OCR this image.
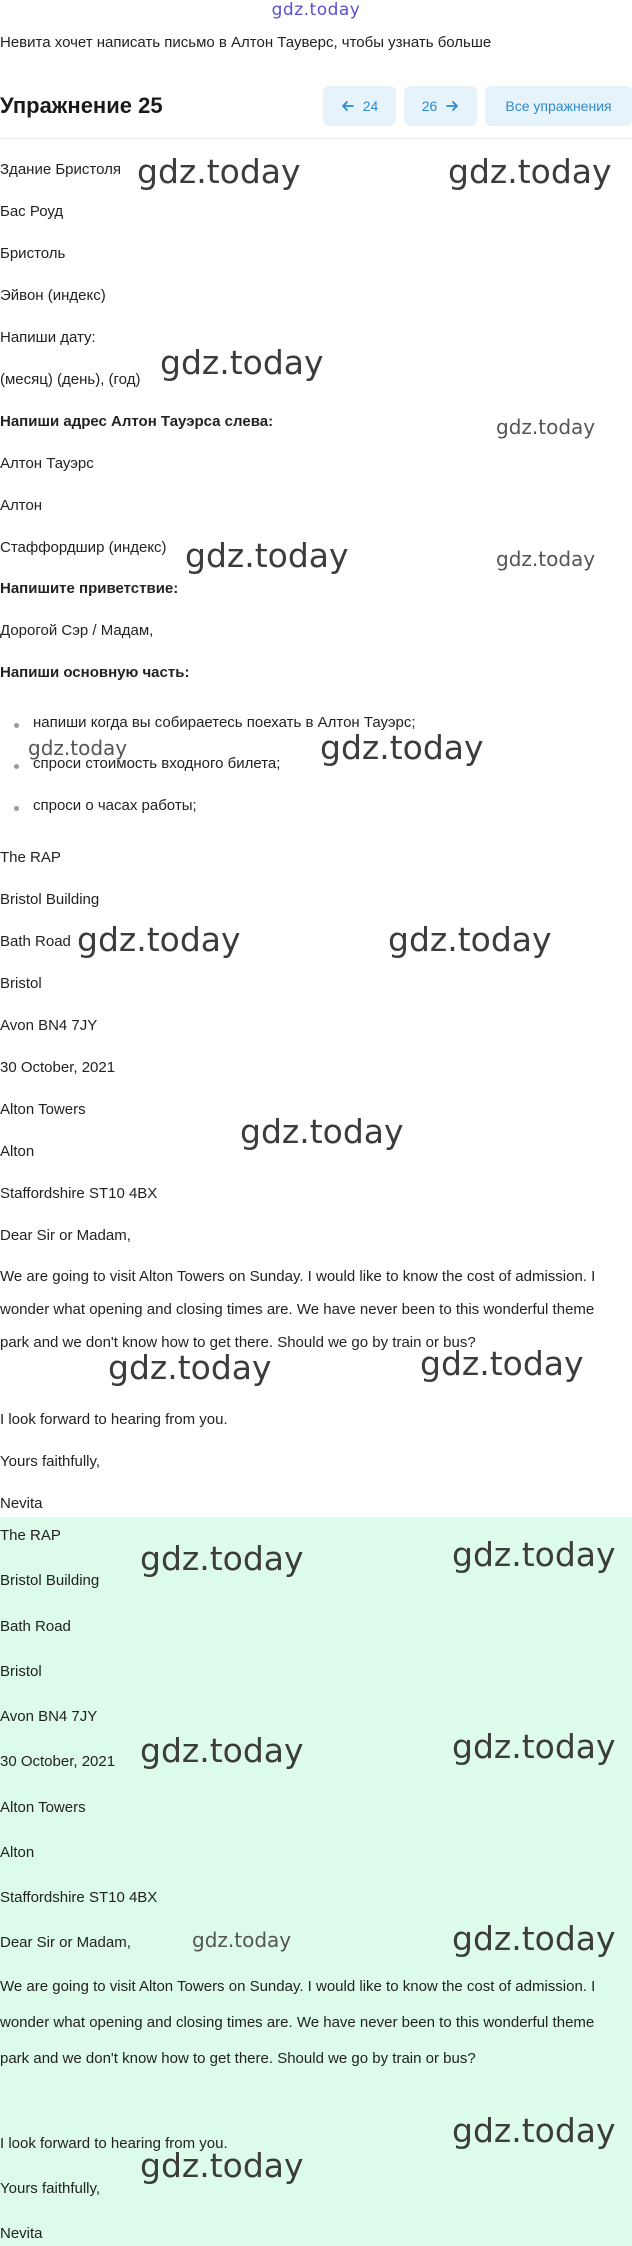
gdz.today
Невита хочет написать письмо в Алтон Тауверс, чтобы узнать больше
Упражнение 25	24	26	Все упражнения
Здание Бристоля
Бас Роуд
Бристоль
Эйвон (индекс)
Напиши дату:
(месяц) (день), (год)
Напиши адрес Алтон Тауэрса слева:
Алтон Тауэрс
Алтон
Стаффордшир (индекс)
Напишите приветствие:
Дорогой Сэр / Мадам,
Напиши основную часть:
напиши когда вы собираетесь поехать в Алтон Тауэрс;
спроси стоимость входного билета;
спроси о часах работы;
The RAP
Bristol Building
Bath Road
Bristol
Avon BN4 7JY
30 October, 2021
Alton Towers
Alton
Staffordshire ST10 4BX
Dear Sir or Madam,
We are going to visit Alton Towers on Sunday. I would like to know the cost of admission. I wonder what opening and closing times are. We have never been to this wonderful theme park and we don't know how to get there. Should we go by train or bus?
I look forward to hearing from you.
Yours faithfully,
Nevita
The RAP
Bristol Building
Bath Road
Bristol
Avon BN4 7JY
30 October, 2021
Alton Towers
Alton
Staffordshire ST10 4BX
Dear Sir or Madam,
We are going to visit Alton Towers on Sunday. I would like to know the cost of admission. I wonder what opening and closing times are. We have never been to this wonderful theme park and we don't know how to get there. Should we go by train or bus?
I look forward to hearing from you.
Yours faithfully,
Nevita
gdz.today	gdz.today
gdz.today
gdz.today
gdz.today	gdz.today
gdz.today	gdz.today
gdz.today	gdz.today
gdz.today
gdz.today	gdz.today
gdz.today	gdz.today
gdz.today	gdz.today
gdz.today	gdz.today
gdz.today
gdz.today
